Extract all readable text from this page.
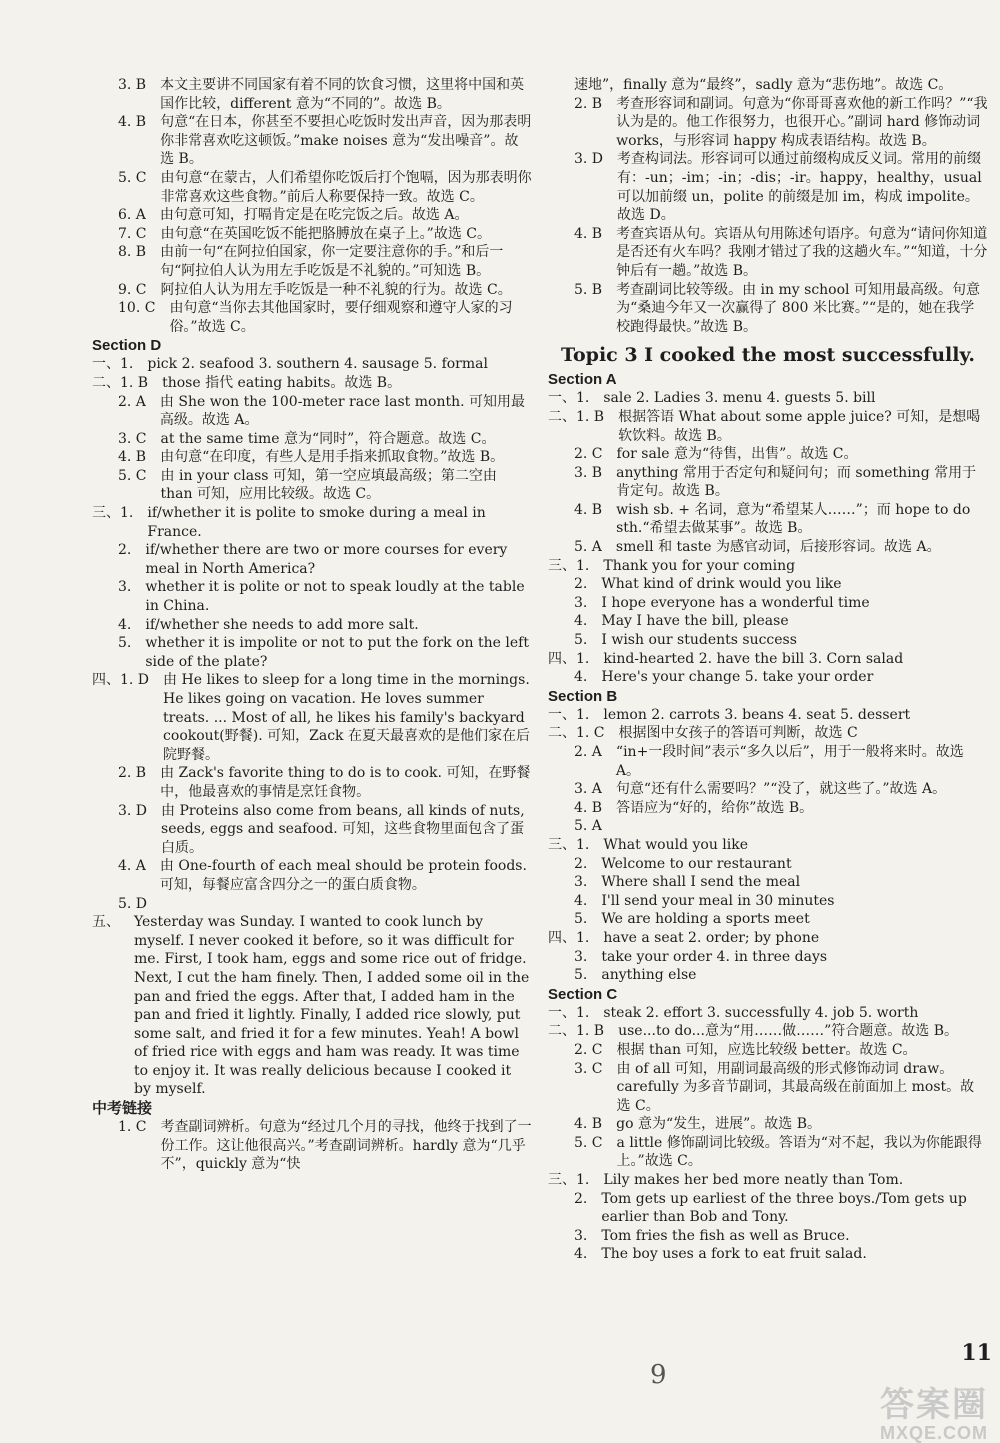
3. B 本文主要讲不同国家有着不同的饮食习惯，这里将中国和英国作比较，different 意为“不同的”。故选 B。
4. B 句意“在日本，你甚至不要担心吃饭时发出声音，因为那表明你非常喜欢吃这顿饭。”make noises 意为“发出噪音”。故选 B。
5. C 由句意“在蒙古，人们希望你吃饭后打个饱嗝，因为那表明你非常喜欢这些食物。”前后人称要保持一致。故选 C。
6. A 由句意可知，打嗝肯定是在吃完饭之后。故选 A。
7. C 由句意“在英国吃饭不能把胳膊放在桌子上。”故选 C。
8. B 由前一句“在阿拉伯国家，你一定要注意你的手。”和后一句“阿拉伯人认为用左手吃饭是不礼貌的。”可知选 B。
9. C 阿拉伯人认为用左手吃饭是一种不礼貌的行为。故选 C。
10. C 由句意“当你去其他国家时，要仔细观察和遵守人家的习俗。”故选 C。
Section D
一、1. pick 2. seafood 3. southern 4. sausage 5. formal
二、1. B those 指代 eating habits。故选 B。
2. A 由 She won the 100-meter race last month. 可知用最高级。故选 A。
3. C at the same time 意为“同时”，符合题意。故选 C。
4. B 由句意“在印度，有些人是用手指来抓取食物。”故选 B。
5. C 由 in your class 可知，第一空应填最高级；第二空由 than 可知，应用比较级。故选 C。
三、1. if/whether it is polite to smoke during a meal in France.
2. if/whether there are two or more courses for every meal in North America?
3. whether it is polite or not to speak loudly at the table in China.
4. if/whether she needs to add more salt.
5. whether it is impolite or not to put the fork on the left side of the plate?
四、1. D 由 He likes to sleep for a long time in the mornings. He likes going on vacation. He loves summer treats. ... Most of all, he likes his family's backyard cookout(野餐). 可知，Zack 在夏天最喜欢的是他们家在后院野餐。
2. B 由 Zack's favorite thing to do is to cook. 可知，在野餐中，他最喜欢的事情是烹饪食物。
3. D 由 Proteins also come from beans, all kinds of nuts, seeds, eggs and seafood. 可知，这些食物里面包含了蛋白质。
4. A 由 One-fourth of each meal should be protein foods. 可知，每餐应富含四分之一的蛋白质食物。
5. D
五、 Yesterday was Sunday. I wanted to cook lunch by myself. I never cooked it before, so it was difficult for me. First, I took ham, eggs and some rice out of fridge. Next, I cut the ham finely. Then, I added some oil in the pan and fried the eggs. After that, I added ham in the pan and fried it lightly. Finally, I added rice slowly, put some salt, and fried it for a few minutes. Yeah! A bowl of fried rice with eggs and ham was ready. It was time to enjoy it. It was really delicious because I cooked it by myself.
中考链接
1. C 考查副词辨析。句意为“经过几个月的寻找，他终于找到了一份工作。这让他很高兴。”考查副词辨析。hardly 意为“几乎不”，quickly 意为“快
速地”，finally 意为“最终”，sadly 意为“悲伤地”。故选 C。
2. B 考查形容词和副词。句意为“你哥哥喜欢他的新工作吗？”“我认为是的。他工作很努力，也很开心。”副词 hard 修饰动词 works，与形容词 happy 构成表语结构。故选 B。
3. D 考查构词法。形容词可以通过前缀构成反义词。常用的前缀有：-un；-im；-in；-dis；-ir。happy，healthy，usual 可以加前缀 un，polite 的前缀是加 im，构成 impolite。故选 D。
4. B 考查宾语从句。宾语从句用陈述句语序。句意为“请问你知道是否还有火车吗？我刚才错过了我的这趟火车。”“知道，十分钟后有一趟。”故选 B。
5. B 考查副词比较等级。由 in my school 可知用最高级。句意为“桑迪今年又一次赢得了 800 米比赛。”“是的，她在我学校跑得最快。”故选 B。
Topic 3 I cooked the most successfully.
Section A
一、1. sale 2. Ladies 3. menu 4. guests 5. bill
二、1. B 根据答语 What about some apple juice? 可知，是想喝软饮料。故选 B。
2. C for sale 意为“待售，出售”。故选 C。
3. B anything 常用于否定句和疑问句；而 something 常用于肯定句。故选 B。
4. B wish sb. + 名词，意为“希望某人……”；而 hope to do sth.“希望去做某事”。故选 B。
5. A smell 和 taste 为感官动词，后接形容词。故选 A。
三、1. Thank you for your coming
2. What kind of drink would you like
3. I hope everyone has a wonderful time
4. May I have the bill, please
5. I wish our students success
四、1. kind-hearted 2. have the bill 3. Corn salad
4. Here's your change 5. take your order
Section B
一、1. lemon 2. carrots 3. beans 4. seat 5. dessert
二、1. C 根据图中女孩子的答语可判断，故选 C
2. A “in+一段时间”表示“多久以后”，用于一般将来时。故选 A。
3. A 句意“还有什么需要吗？”“没了，就这些了。”故选 A。
4. B 答语应为“好的，给你”故选 B。
5. A
三、1. What would you like
2. Welcome to our restaurant
3. Where shall I send the meal
4. I'll send your meal in 30 minutes
5. We are holding a sports meet
四、1. have a seat 2. order; by phone
3. take your order 4. in three days
5. anything else
Section C
一、1. steak 2. effort 3. successfully 4. job 5. worth
二、1. B use...to do...意为“用……做……”符合题意。故选 B。
2. C 根据 than 可知，应选比较级 better。故选 C。
3. C 由 of all 可知，用副词最高级的形式修饰动词 draw。carefully 为多音节副词，其最高级在前面加上 most。故选 C。
4. B go 意为“发生，进展”。故选 B。
5. C a little 修饰副词比较级。答语为“对不起，我以为你能跟得上。”故选 C。
三、1. Lily makes her bed more neatly than Tom.
2. Tom gets up earliest of the three boys./Tom gets up earlier than Bob and Tony.
3. Tom fries the fish as well as Bruce.
4. The boy uses a fork to eat fruit salad.
11
9
答案圈
MXQE.COM
